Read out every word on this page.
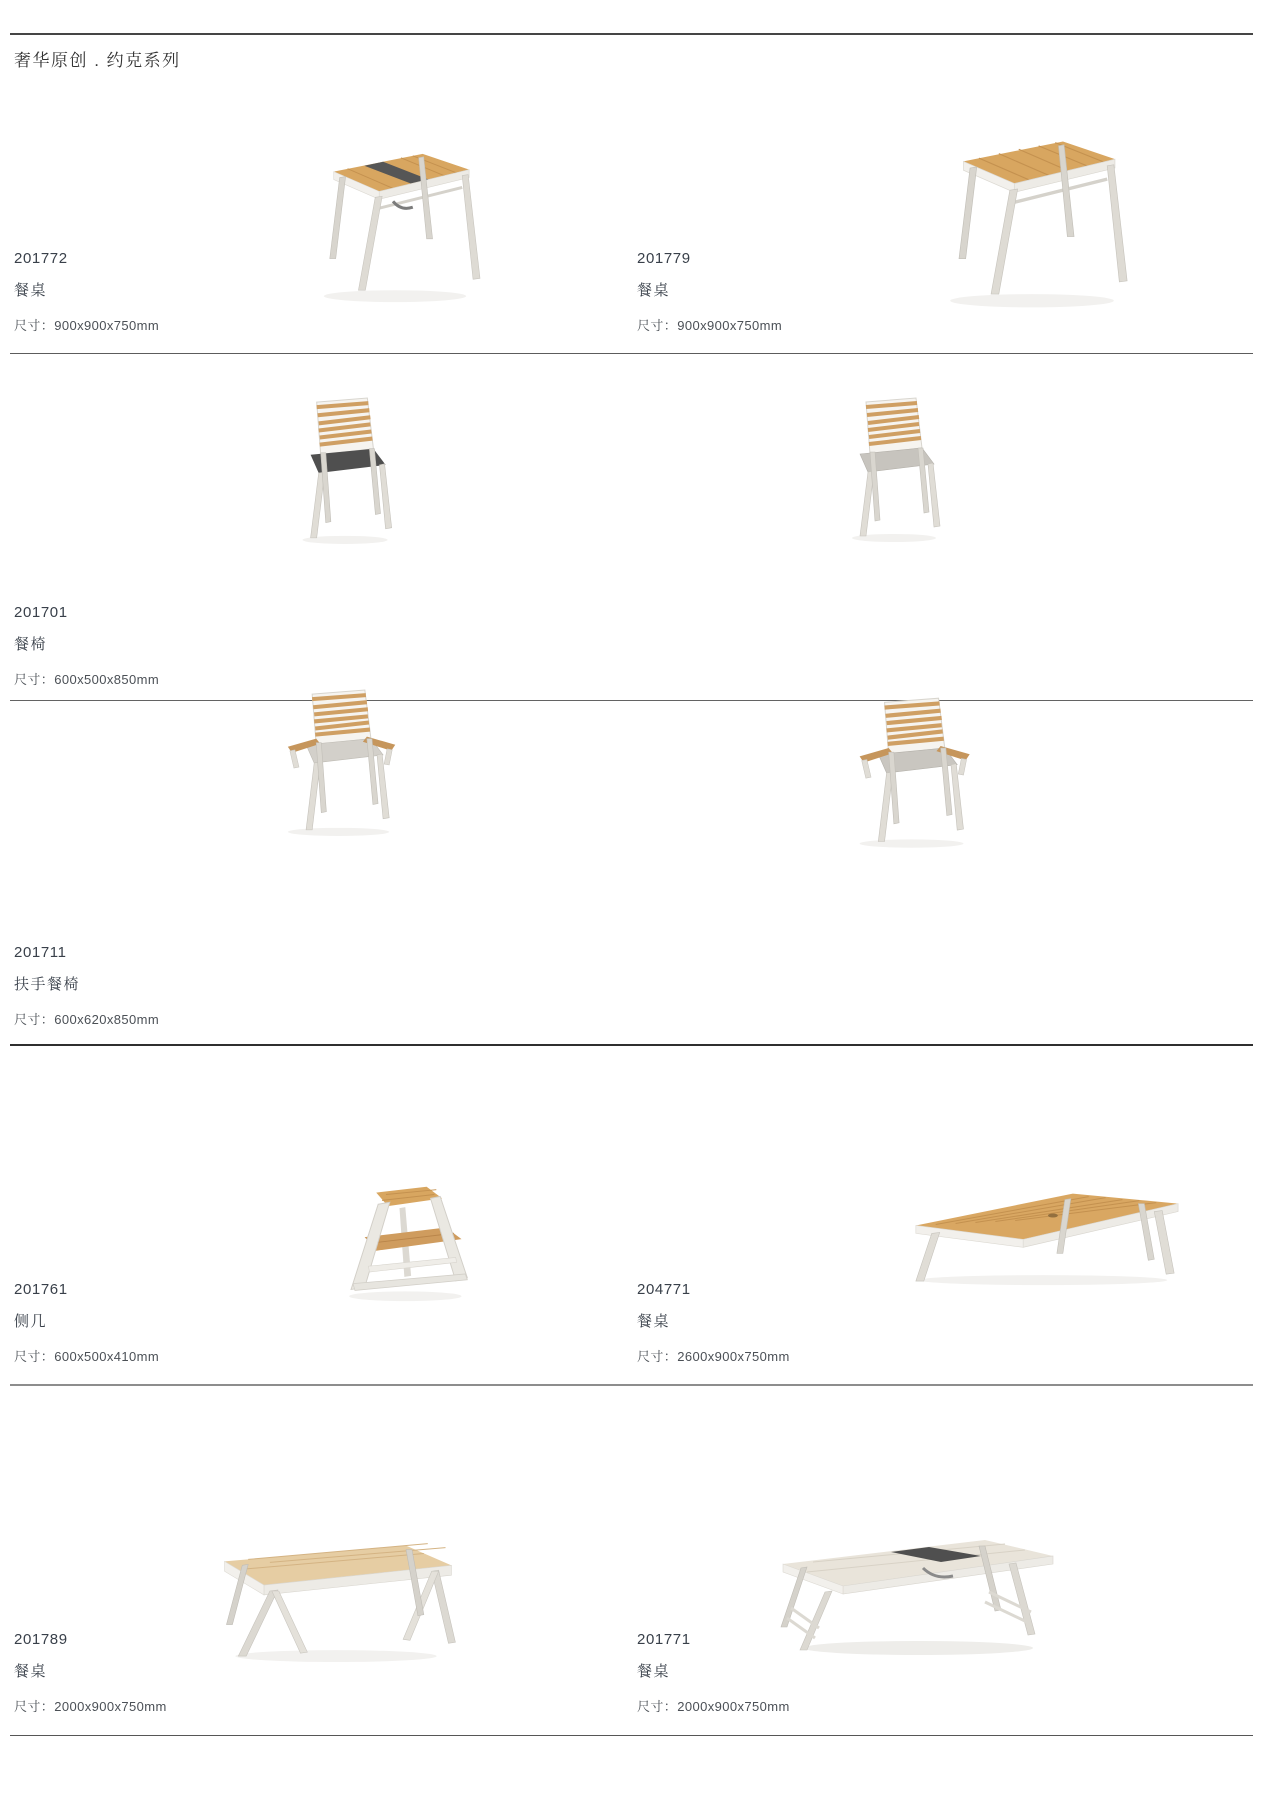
奢华原创 . 约克系列
201772
餐桌
尺寸：900x900x750mm
201779
餐桌
尺寸：900x900x750mm
201701
餐椅
尺寸：600x500x850mm
201711
扶手餐椅
尺寸：600x620x850mm
201761
侧几
尺寸：600x500x410mm
204771
餐桌
尺寸：2600x900x750mm
201789
餐桌
尺寸：2000x900x750mm
201771
餐桌
尺寸：2000x900x750mm
